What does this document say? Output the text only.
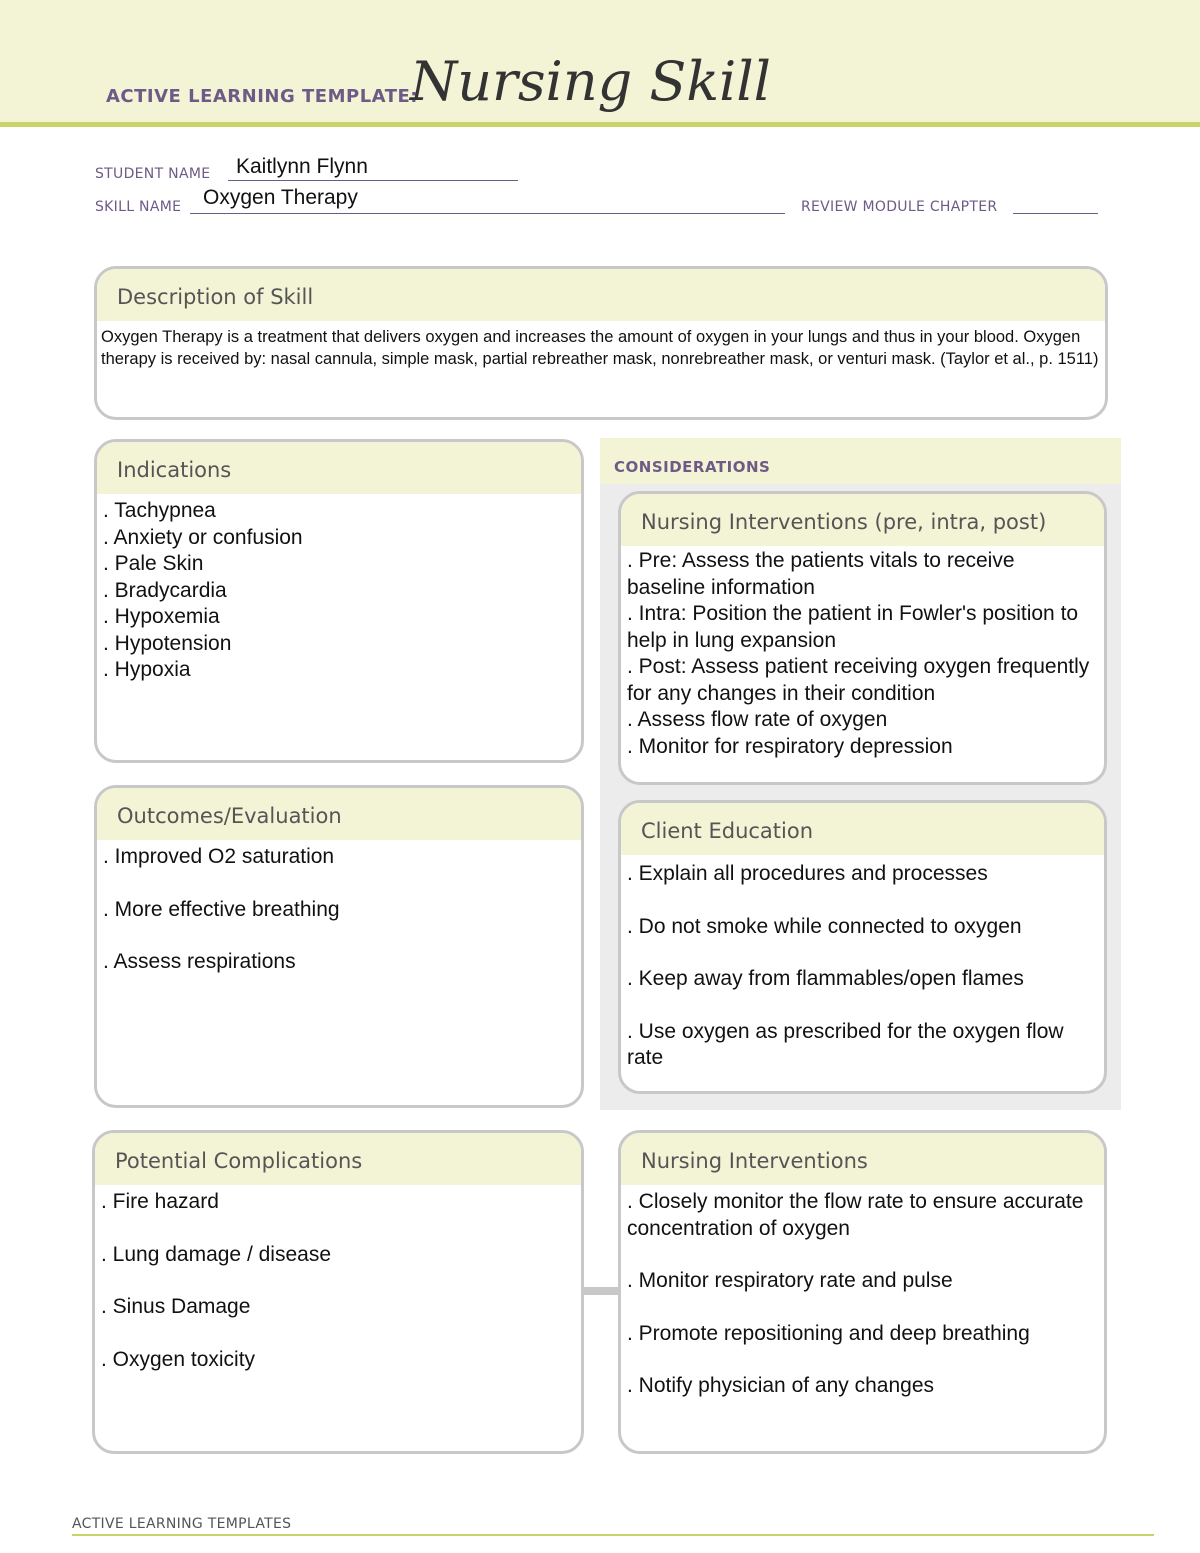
ACTIVE LEARNING TEMPLATE:
Nursing Skill
STUDENT NAME Kaitlynn Flynn
SKILL NAME Oxygen Therapy	REVIEW MODULE CHAPTER
Description of Skill
Oxygen Therapy is a treatment that delivers oxygen and increases the amount of oxygen in your lungs and thus in your blood. Oxygen therapy is received by: nasal cannula, simple mask, partial rebreather mask, nonrebreather mask, or venturi mask. (Taylor et al., p. 1511)
Indications
. Tachypnea
. Anxiety or confusion
. Pale Skin
. Bradycardia
. Hypoxemia
. Hypotension
. Hypoxia
CONSIDERATIONS
Nursing Interventions (pre, intra, post)
. Pre: Assess the patients vitals to receive baseline information
. Intra: Position the patient in Fowler's position to help in lung expansion
. Post: Assess patient receiving oxygen frequently for any changes in their condition
. Assess flow rate of oxygen
. Monitor for respiratory depression
Outcomes/Evaluation
. Improved O2 saturation
. More effective breathing
. Assess respirations
Client Education
. Explain all procedures and processes
. Do not smoke while connected to oxygen
. Keep away from flammables/open flames
. Use oxygen as prescribed for the oxygen flow rate
Potential Complications
. Fire hazard
. Lung damage / disease
. Sinus Damage
. Oxygen toxicity
Nursing Interventions
. Closely monitor the flow rate to ensure accurate concentration of oxygen
. Monitor respiratory rate and pulse
. Promote repositioning and deep breathing
. Notify physician of any changes
ACTIVE LEARNING TEMPLATES
